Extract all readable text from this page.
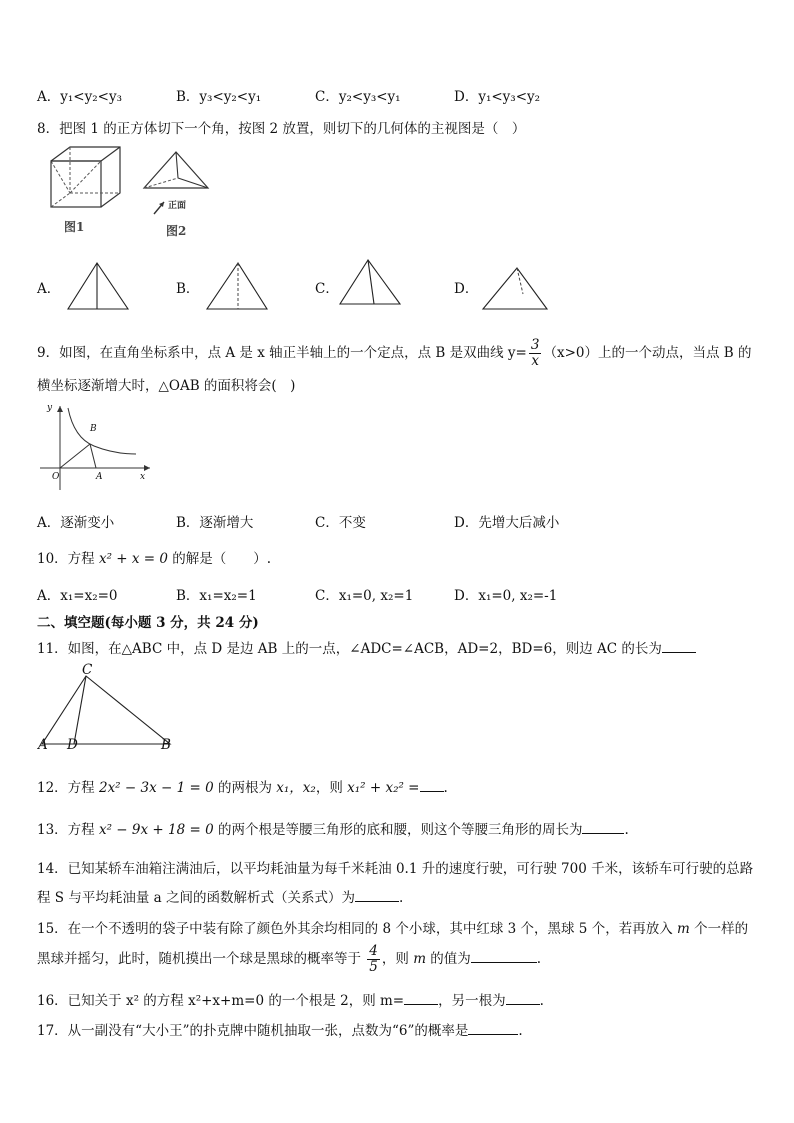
A．y₁<y₂<y₃	B．y₃<y₂<y₁	C．y₂<y₃<y₁	D．y₁<y₃<y₂
8．把图 1 的正方体切下一个角，按图 2 放置，则切下的几何体的主视图是（　）
图1
正面
图2
A．	B．	C．	D．
9．如图，在直角坐标系中，点 A 是 x 轴正半轴上的一个定点，点 B 是双曲线 $y= \frac{3}{x} (x>0)$上的一个动点，当点 B 的
横坐标逐渐增大时，△OAB 的面积将会(　)
y
B
O	A	x
A．逐渐变小	B．逐渐增大	C．不变	D．先增大后减小
10．方程 x² + x = 0 的解是（　　）.
A．x₁=x₂=0	B．x₁=x₂=1	C．x₁=0, x₂=1	D．x₁=0, x₂=-1
二、填空题(每小题 3 分，共 24 分)
11．如图，在△ABC 中，点 D 是边 AB 上的一点，∠ADC=∠ACB，AD=2，BD=6，则边 AC 的长为
C
A D	B
12．方程 2x² − 3x − 1 = 0 的两根为 x₁，x₂，则 x₁² + x₂² = .
13．方程 x² − 9x + 18 = 0 的两个根是等腰三角形的底和腰，则这个等腰三角形的周长为	.
14．已知某轿车油箱注满油后，以平均耗油量为每千米耗油 0.1 升的速度行驶，可行驶 700 千米，该轿车可行驶的总路
程 S 与平均耗油量 a 之间的函数解析式（关系式）为	.
15．在一个不透明的袋子中装有除了颜色外其余均相同的 8 个小球，其中红球 3 个，黑球 5 个，若再放入 m 个一样的
黑球并摇匀，此时，随机摸出一个球是黑球的概率等于 $\frac{4}{5}$ ，则 m 的值为	.
16．已知关于 x² 的方程 x²+x+m=0 的一个根是 2，则 m=	，另一根为	.
17．从一副没有“大小王”的扑克牌中随机抽取一张，点数为“6”的概率是	.
